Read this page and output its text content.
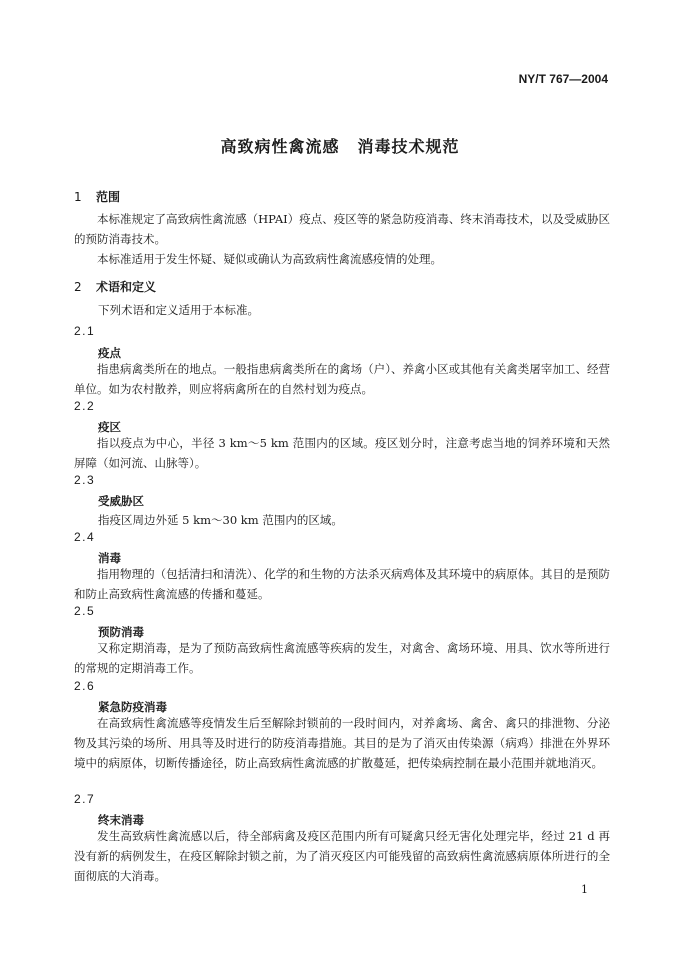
NY/T 767—2004
高致病性禽流感 消毒技术规范
1 范围
本标准规定了高致病性禽流感（HPAI）疫点、疫区等的紧急防疫消毒、终末消毒技术，以及受威胁区的预防消毒技术。
本标准适用于发生怀疑、疑似或确认为高致病性禽流感疫情的处理。
2 术语和定义
下列术语和定义适用于本标准。
2.1
疫点
指患病禽类所在的地点。一般指患病禽类所在的禽场（户）、养禽小区或其他有关禽类屠宰加工、经营单位。如为农村散养，则应将病禽所在的自然村划为疫点。
2.2
疫区
指以疫点为中心，半径 3 km～5 km 范围内的区域。疫区划分时，注意考虑当地的饲养环境和天然屏障（如河流、山脉等）。
2.3
受威胁区
指疫区周边外延 5 km～30 km 范围内的区域。
2.4
消毒
指用物理的（包括清扫和清洗）、化学的和生物的方法杀灭病鸡体及其环境中的病原体。其目的是预防和防止高致病性禽流感的传播和蔓延。
2.5
预防消毒
又称定期消毒，是为了预防高致病性禽流感等疾病的发生，对禽舍、禽场环境、用具、饮水等所进行的常规的定期消毒工作。
2.6
紧急防疫消毒
在高致病性禽流感等疫情发生后至解除封锁前的一段时间内，对养禽场、禽舍、禽只的排泄物、分泌物及其污染的场所、用具等及时进行的防疫消毒措施。其目的是为了消灭由传染源（病鸡）排泄在外界环境中的病原体，切断传播途径，防止高致病性禽流感的扩散蔓延，把传染病控制在最小范围并就地消灭。
2.7
终末消毒
发生高致病性禽流感以后，待全部病禽及疫区范围内所有可疑禽只经无害化处理完毕，经过 21 d 再没有新的病例发生，在疫区解除封锁之前，为了消灭疫区内可能残留的高致病性禽流感病原体所进行的全面彻底的大消毒。
1
